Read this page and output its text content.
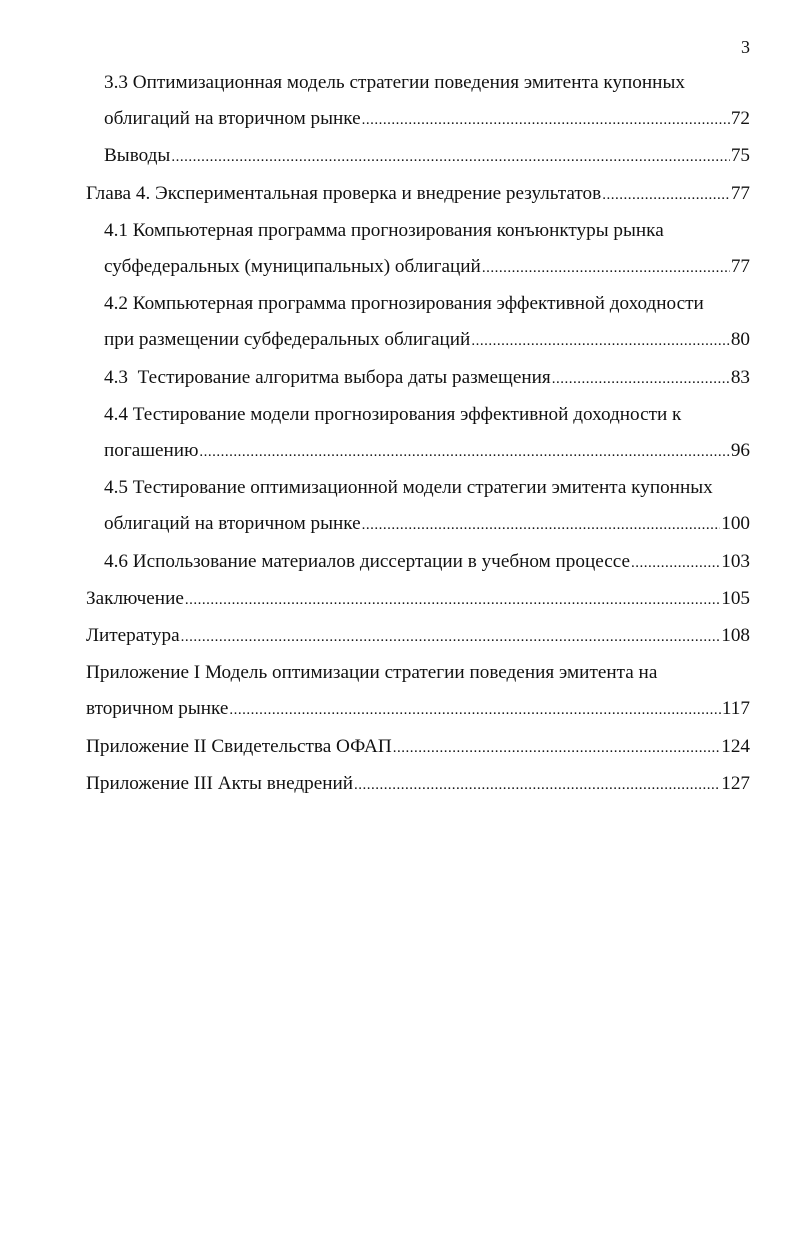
3
3.3 Оптимизационная модель стратегии поведения эмитента купонных
облигаций на вторичном рынке .....	72
Выводы .....	75
Глава 4. Экспериментальная проверка и внедрение результатов .....	77
4.1 Компьютерная программа прогнозирования конъюнктуры рынка
субфедеральных (муниципальных) облигаций .....	77
4.2 Компьютерная программа прогнозирования эффективной доходности
при размещении субфедеральных облигаций .....	80
4.3  Тестирование алгоритма выбора даты размещения .....	83
4.4 Тестирование модели прогнозирования эффективной доходности к
погашению .....	96
4.5 Тестирование оптимизационной модели стратегии эмитента купонных
облигаций на вторичном рынке .....	100
4.6 Использование материалов диссертации в учебном процессе .....	103
Заключение .....	105
Литература .....	108
Приложение I Модель оптимизации стратегии поведения эмитента на
вторичном рынке .....	117
Приложение II Свидетельства ОФАП .....	124
Приложение III Акты внедрений .....	127
